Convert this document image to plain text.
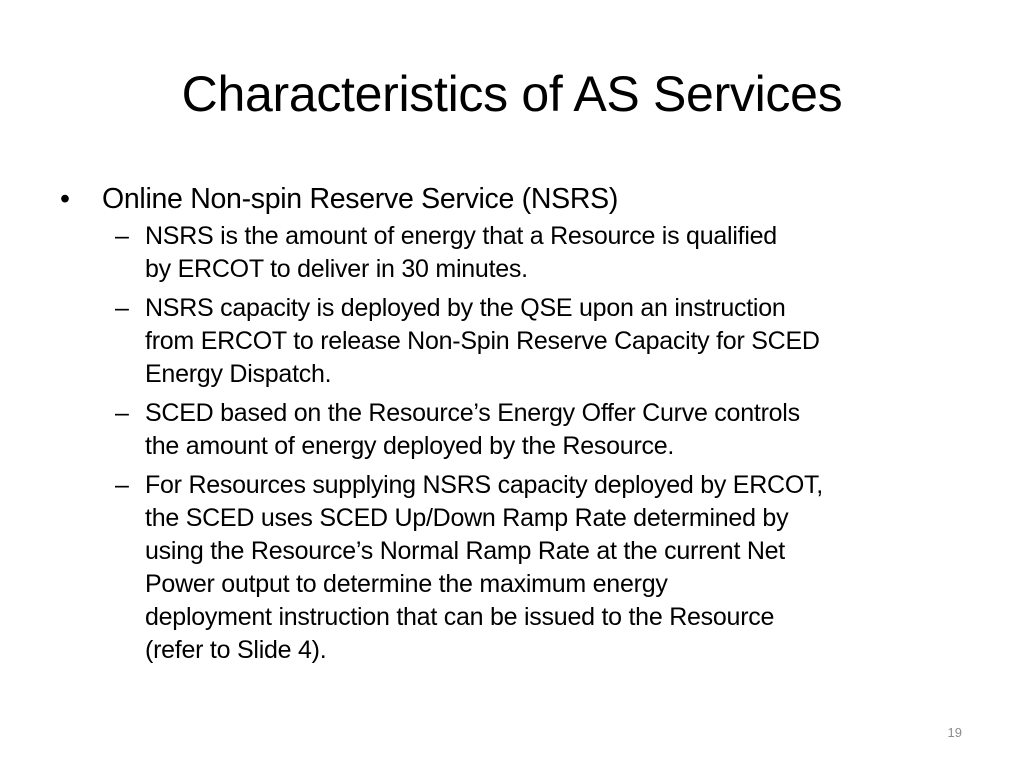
Characteristics of AS Services
• Online Non-spin Reserve Service (NSRS)
– NSRS is the amount of energy that a Resource is qualified
by ERCOT to deliver in 30 minutes.
– NSRS capacity is deployed by the QSE upon an instruction
from ERCOT to release Non-Spin Reserve Capacity for SCED
Energy Dispatch.
– SCED based on the Resource’s Energy Offer Curve controls
the amount of energy deployed by the Resource.
– For Resources supplying NSRS capacity deployed by ERCOT,
the SCED uses SCED Up/Down Ramp Rate determined by
using the Resource’s Normal Ramp Rate at the current Net
Power output to determine the maximum energy
deployment instruction that can be issued to the Resource
(refer to Slide 4).
19
